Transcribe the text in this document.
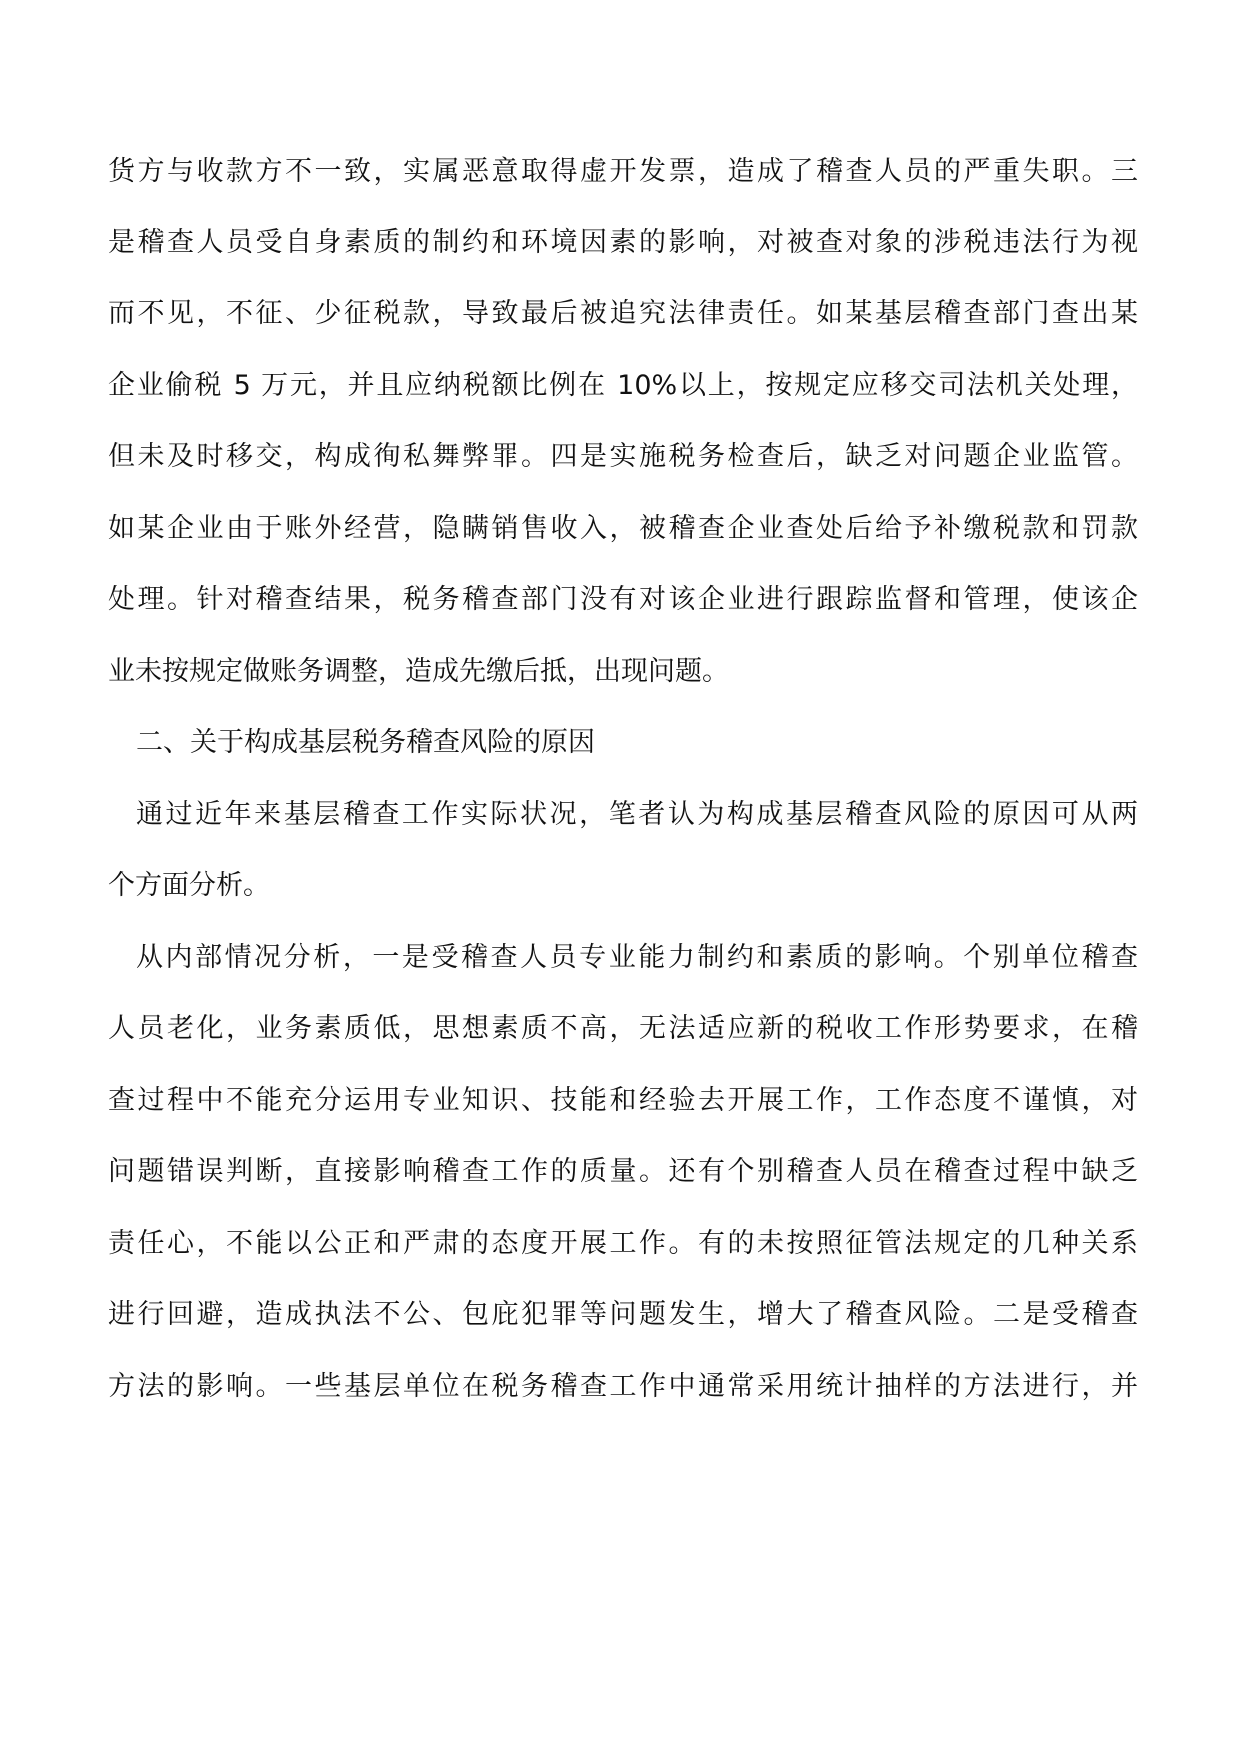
货方与收款方不一致，实属恶意取得虚开发票，造成了稽查人员的严重失职。三
是稽查人员受自身素质的制约和环境因素的影响，对被查对象的涉税违法行为视
而不见，不征、少征税款，导致最后被追究法律责任。如某基层稽查部门查出某
企业偷税 5 万元，并且应纳税额比例在 10%以上，按规定应移交司法机关处理，
但未及时移交，构成徇私舞弊罪。四是实施税务检查后，缺乏对问题企业监管。
如某企业由于账外经营，隐瞒销售收入，被稽查企业查处后给予补缴税款和罚款
处理。针对稽查结果，税务稽查部门没有对该企业进行跟踪监督和管理，使该企
业未按规定做账务调整，造成先缴后抵，出现问题。
二、关于构成基层税务稽查风险的原因
通过近年来基层稽查工作实际状况，笔者认为构成基层稽查风险的原因可从两
个方面分析。
从内部情况分析，一是受稽查人员专业能力制约和素质的影响。个别单位稽查
人员老化，业务素质低，思想素质不高，无法适应新的税收工作形势要求，在稽
查过程中不能充分运用专业知识、技能和经验去开展工作，工作态度不谨慎，对
问题错误判断，直接影响稽查工作的质量。还有个别稽查人员在稽查过程中缺乏
责任心，不能以公正和严肃的态度开展工作。有的未按照征管法规定的几种关系
进行回避，造成执法不公、包庇犯罪等问题发生，增大了稽查风险。二是受稽查
方法的影响。一些基层单位在税务稽查工作中通常采用统计抽样的方法进行，并
